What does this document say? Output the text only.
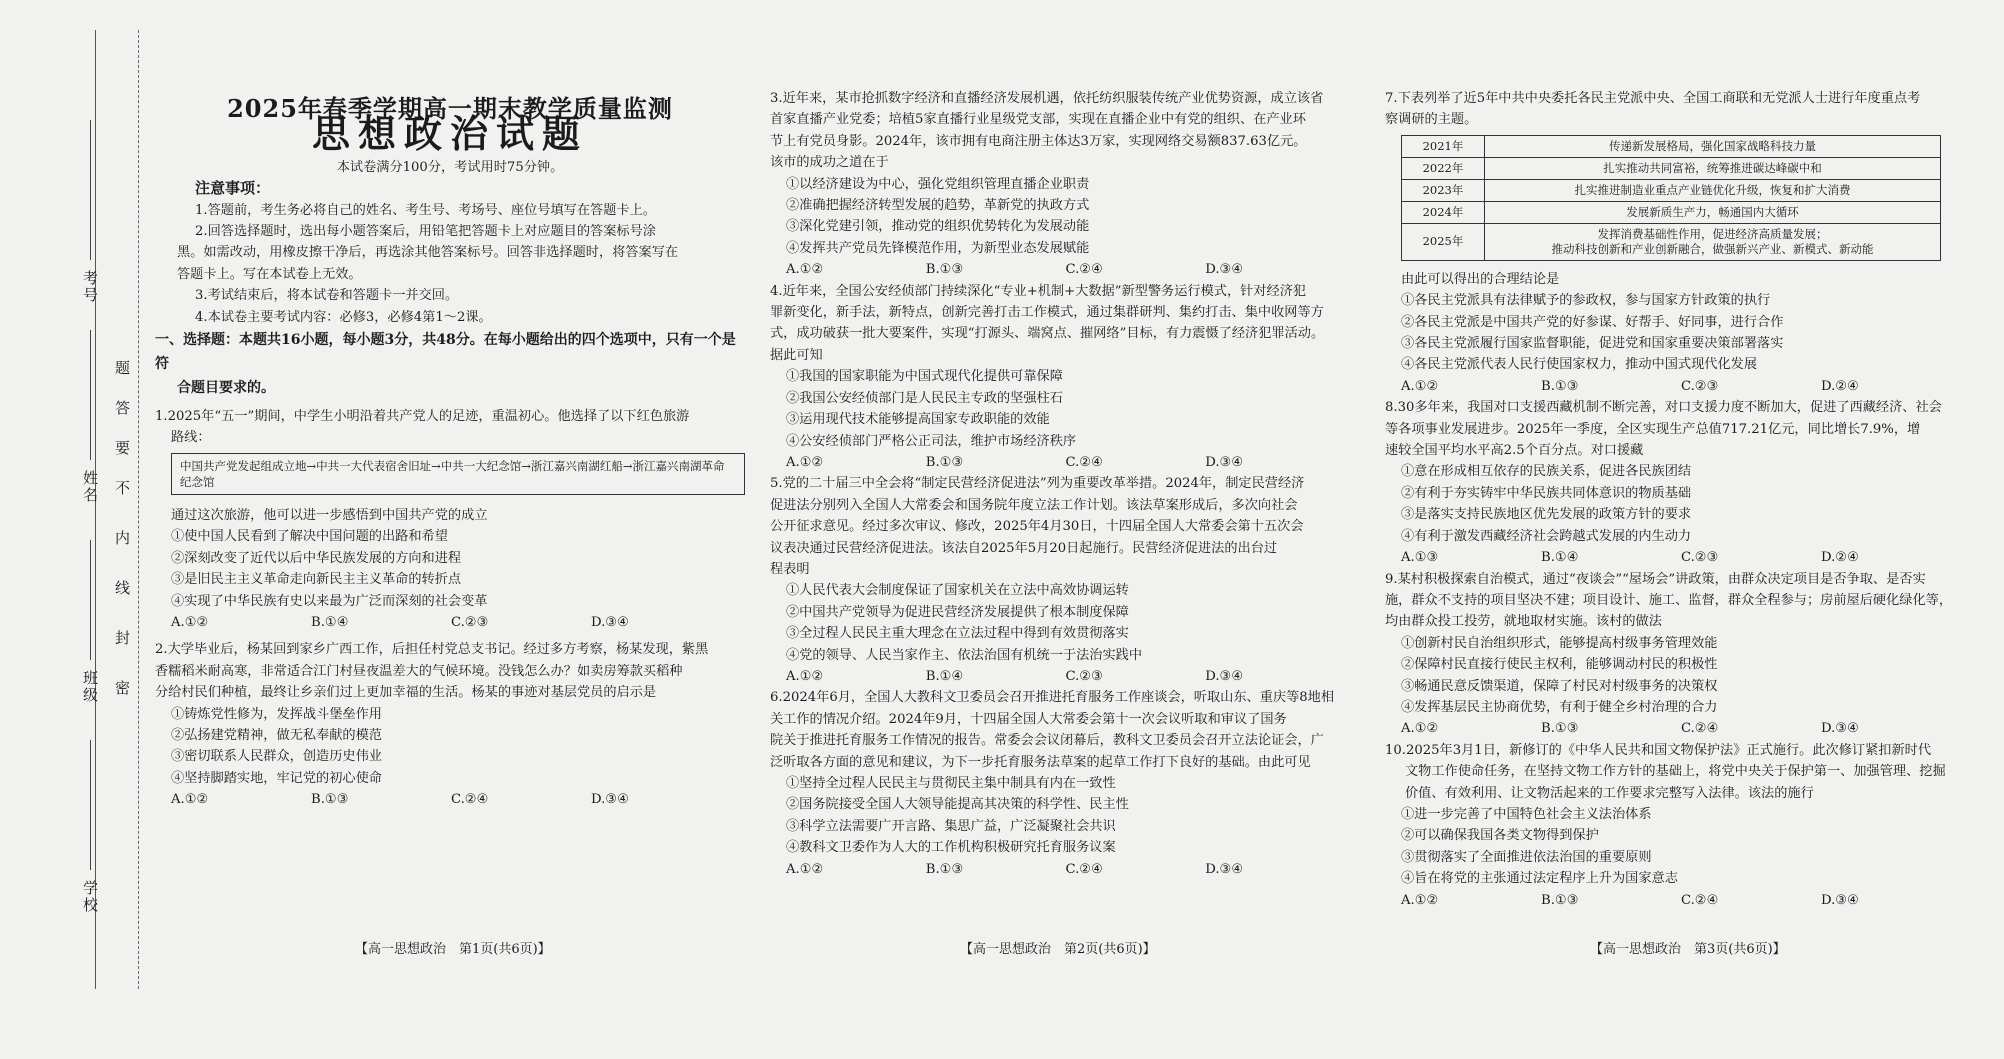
考号
姓名
班级
学校
题
答
要
不
内
线
封
密
2025年春季学期高一期末教学质量监测
思想政治试题

本试卷满分100分，考试用时75分钟。

注意事项：

1.答题前，考生务必将自己的姓名、考生号、考场号、座位号填写在答题卡上。

2.回答选择题时，选出每小题答案后，用铅笔把答题卡上对应题目的答案标号涂

黑。如需改动，用橡皮擦干净后，再选涂其他答案标号。回答非选择题时，将答案写在

答题卡上。写在本试卷上无效。

3.考试结束后，将本试卷和答题卡一并交回。

4.本试卷主要考试内容：必修3，必修4第1～2课。

一、选择题：本题共16小题，每小题3分，共48分。在每小题给出的四个选项中，只有一个是符

合题目要求的。

1.2025年“五一”期间，中学生小明沿着共产党人的足迹，重温初心。他选择了以下红色旅游

路线：

中国共产党发起组成立地→中共一大代表宿舍旧址→中共一大纪念馆→浙江嘉兴南湖红船→浙江嘉兴南湖革命纪念馆

通过这次旅游，他可以进一步感悟到中国共产党的成立

①使中国人民看到了解决中国问题的出路和希望

②深刻改变了近代以后中华民族发展的方向和进程

③是旧民主主义革命走向新民主主义革命的转折点

④实现了中华民族有史以来最为广泛而深刻的社会变革

A.①②	B.①④	C.②③	D.③④

2.大学毕业后，杨某回到家乡广西工作，后担任村党总支书记。经过多方考察，杨某发现，紫黑

香糯稻米耐高寒，非常适合江门村昼夜温差大的气候环境。没钱怎么办？如卖房筹款买稻种

分给村民们种植，最终让乡亲们过上更加幸福的生活。杨某的事迹对基层党员的启示是

①铸炼党性修为，发挥战斗堡垒作用

②弘扬建党精神，做无私奉献的模范

③密切联系人民群众，创造历史伟业

④坚持脚踏实地，牢记党的初心使命

A.①②	B.①③	C.②④	D.③④
【高一思想政治　第1页(共6页)】

3.近年来，某市抢抓数字经济和直播经济发展机遇，依托纺织服装传统产业优势资源，成立该省

首家直播产业党委；培植5家直播行业星级党支部，实现在直播企业中有党的组织、在产业环

节上有党员身影。2024年，该市拥有电商注册主体达3万家，实现网络交易额837.63亿元。

该市的成功之道在于

①以经济建设为中心，强化党组织管理直播企业职责

②准确把握经济转型发展的趋势，革新党的执政方式

③深化党建引领，推动党的组织优势转化为发展动能

④发挥共产党员先锋模范作用，为新型业态发展赋能

A.①②	B.①③	C.②④	D.③④

4.近年来，全国公安经侦部门持续深化“专业+机制+大数据”新型警务运行模式，针对经济犯

罪新变化，新手法，新特点，创新完善打击工作模式，通过集群研判、集约打击、集中收网等方

式，成功破获一批大要案件，实现“打源头、端窝点、摧网络”目标，有力震慑了经济犯罪活动。

据此可知

①我国的国家职能为中国式现代化提供可靠保障

②我国公安经侦部门是人民民主专政的坚强柱石

③运用现代技术能够提高国家专政职能的效能

④公安经侦部门严格公正司法，维护市场经济秩序

A.①②	B.①③	C.②④	D.③④

5.党的二十届三中全会将“制定民营经济促进法”列为重要改革举措。2024年，制定民营经济

促进法分别列入全国人大常委会和国务院年度立法工作计划。该法草案形成后，多次向社会

公开征求意见。经过多次审议、修改，2025年4月30日，十四届全国人大常委会第十五次会

议表决通过民营经济促进法。该法自2025年5月20日起施行。民营经济促进法的出台过

程表明

①人民代表大会制度保证了国家机关在立法中高效协调运转

②中国共产党领导为促进民营经济发展提供了根本制度保障

③全过程人民民主重大理念在立法过程中得到有效贯彻落实

④党的领导、人民当家作主、依法治国有机统一于法治实践中

A.①②	B.①④	C.②③	D.③④

6.2024年6月，全国人大教科文卫委员会召开推进托育服务工作座谈会，听取山东、重庆等8地相

关工作的情况介绍。2024年9月，十四届全国人大常委会第十一次会议听取和审议了国务

院关于推进托育服务工作情况的报告。常委会会议闭幕后，教科文卫委员会召开立法论证会，广

泛听取各方面的意见和建议，为下一步托育服务法草案的起草工作打下良好的基础。由此可见

①坚持全过程人民民主与贯彻民主集中制具有内在一致性

②国务院接受全国人大领导能提高其决策的科学性、民主性

③科学立法需要广开言路、集思广益，广泛凝聚社会共识

④教科文卫委作为人大的工作机构积极研究托育服务议案

A.①②	B.①③	C.②④	D.③④
【高一思想政治　第2页(共6页)】

7.下表列举了近5年中共中央委托各民主党派中央、全国工商联和无党派人士进行年度重点考

察调研的主题。

2021年	传递新发展格局，强化国家战略科技力量
2022年	扎实推动共同富裕，统筹推进碳达峰碳中和
2023年	扎实推进制造业重点产业链优化升级，恢复和扩大消费
2024年	发展新质生产力，畅通国内大循环
2025年	发挥消费基础性作用，促进经济高质量发展；
推动科技创新和产业创新融合，做强新兴产业、新模式、新动能

由此可以得出的合理结论是

①各民主党派具有法律赋予的参政权，参与国家方针政策的执行

②各民主党派是中国共产党的好参谋、好帮手、好同事，进行合作

③各民主党派履行国家监督职能，促进党和国家重要决策部署落实

④各民主党派代表人民行使国家权力，推动中国式现代化发展

A.①②	B.①③	C.②③	D.②④

8.30多年来，我国对口支援西藏机制不断完善，对口支援力度不断加大，促进了西藏经济、社会

等各项事业发展进步。2025年一季度，全区实现生产总值717.21亿元，同比增长7.9%，增

速较全国平均水平高2.5个百分点。对口援藏

①意在形成相互依存的民族关系，促进各民族团结

②有利于夯实铸牢中华民族共同体意识的物质基础

③是落实支持民族地区优先发展的政策方针的要求

④有利于激发西藏经济社会跨越式发展的内生动力

A.①③	B.①④	C.②③	D.②④

9.某村积极探索自治模式，通过“夜谈会”“屋场会”讲政策，由群众决定项目是否争取、是否实

施，群众不支持的项目坚决不建；项目设计、施工、监督，群众全程参与；房前屋后硬化绿化等，

均由群众投工投劳，就地取材实施。该村的做法

①创新村民自治组织形式，能够提高村级事务管理效能

②保障村民直接行使民主权利，能够调动村民的积极性

③畅通民意反馈渠道，保障了村民对村级事务的决策权

④发挥基层民主协商优势，有利于健全乡村治理的合力

A.①②	B.①③	C.②④	D.③④

10.2025年3月1日，新修订的《中华人民共和国文物保护法》正式施行。此次修订紧扣新时代

文物工作使命任务，在坚持文物工作方针的基础上，将党中央关于保护第一、加强管理、挖掘

价值、有效利用、让文物活起来的工作要求完整写入法律。该法的施行

①进一步完善了中国特色社会主义法治体系

②可以确保我国各类文物得到保护

③贯彻落实了全面推进依法治国的重要原则

④旨在将党的主张通过法定程序上升为国家意志

A.①②	B.①③	C.②④	D.③④
【高一思想政治　第3页(共6页)】
